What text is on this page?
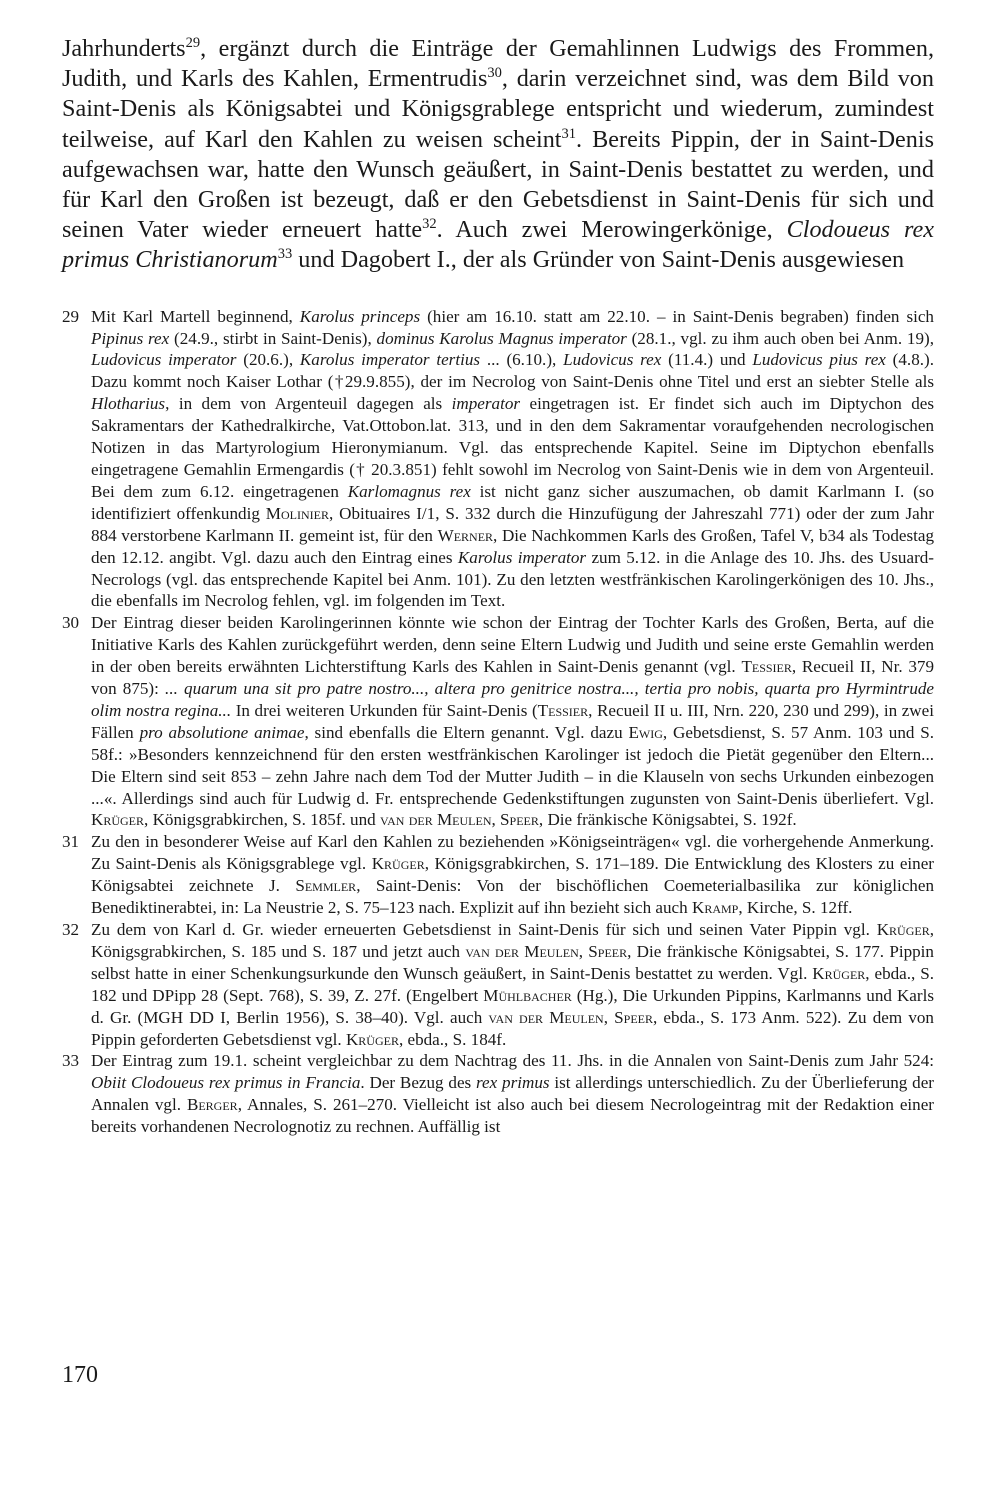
Jahrhunderts$^{29}$, ergänzt durch die Einträge der Gemahlinnen Ludwigs des Frommen, Judith, und Karls des Kahlen, Ermentrudis$^{30}$, darin verzeichnet sind, was dem Bild von Saint-Denis als Königsabtei und Königsgrablege entspricht und wiederum, zumindest teilweise, auf Karl den Kahlen zu weisen scheint$^{31}$. Bereits Pippin, der in Saint-Denis aufgewachsen war, hatte den Wunsch geäußert, in Saint-Denis bestattet zu werden, und für Karl den Großen ist bezeugt, daß er den Gebetsdienst in Saint-Denis für sich und seinen Vater wieder erneuert hatte$^{32}$. Auch zwei Merowingerkönige, Clodoueus rex primus Christianorum$^{33}$ und Dagobert I., der als Gründer von Saint-Denis ausgewiesen

29 Mit Karl Martell beginnend, Karolus princeps (hier am 16.10. statt am 22.10. – in Saint-Denis begraben) finden sich Pipinus rex (24.9., stirbt in Saint-Denis), dominus Karolus Magnus imperator (28.1., vgl. zu ihm auch oben bei Anm. 19), Ludovicus imperator (20.6.), Karolus imperator tertius ... (6.10.), Ludovicus rex (11.4.) und Ludovicus pius rex (4.8.). Dazu kommt noch Kaiser Lothar (†29.9.855), der im Necrolog von Saint-Denis ohne Titel und erst an siebter Stelle als Hlotharius, in dem von Argenteuil dagegen als imperator eingetragen ist. Er findet sich auch im Diptychon des Sakramentars der Kathedralkirche, Vat.Ottobon.lat. 313, und in den dem Sakramentar voraufgehenden necrologischen Notizen in das Martyrologium Hieronymianum. Vgl. das entsprechende Kapitel. Seine im Diptychon ebenfalls eingetragene Gemahlin Ermengardis († 20.3.851) fehlt sowohl im Necrolog von Saint-Denis wie in dem von Argenteuil. Bei dem zum 6.12. eingetragenen Karlomagnus rex ist nicht ganz sicher auszumachen, ob damit Karlmann I. (so identifiziert offenkundig Molinier, Obituaires I/1, S. 332 durch die Hinzufügung der Jahreszahl 771) oder der zum Jahr 884 verstorbene Karlmann II. gemeint ist, für den Werner, Die Nachkommen Karls des Großen, Tafel V, b34 als Todestag den 12.12. angibt. Vgl. dazu auch den Eintrag eines Karolus imperator zum 5.12. in die Anlage des 10. Jhs. des Usuard-Necrologs (vgl. das entsprechende Kapitel bei Anm. 101). Zu den letzten westfränkischen Karolingerkönigen des 10. Jhs., die ebenfalls im Necrolog fehlen, vgl. im folgenden im Text.
30 Der Eintrag dieser beiden Karolingerinnen könnte wie schon der Eintrag der Tochter Karls des Großen, Berta, auf die Initiative Karls des Kahlen zurückgeführt werden, denn seine Eltern Ludwig und Judith und seine erste Gemahlin werden in der oben bereits erwähnten Lichterstiftung Karls des Kahlen in Saint-Denis genannt (vgl. Tessier, Recueil II, Nr. 379 von 875): ... quarum una sit pro patre nostro..., altera pro genitrice nostra..., tertia pro nobis, quarta pro Hyrmintrude olim nostra regina... In drei weiteren Urkunden für Saint-Denis (Tessier, Recueil II u. III, Nrn. 220, 230 und 299), in zwei Fällen pro absolutione animae, sind ebenfalls die Eltern genannt. Vgl. dazu Ewig, Gebetsdienst, S. 57 Anm. 103 und S. 58f.: »Besonders kennzeichnend für den ersten westfränkischen Karolinger ist jedoch die Pietät gegenüber den Eltern... Die Eltern sind seit 853 – zehn Jahre nach dem Tod der Mutter Judith – in die Klauseln von sechs Urkunden einbezogen ...«. Allerdings sind auch für Ludwig d. Fr. entsprechende Gedenkstiftungen zugunsten von Saint-Denis überliefert. Vgl. Krüger, Königsgrabkirchen, S. 185f. und van der Meulen, Speer, Die fränkische Königsabtei, S. 192f.
31 Zu den in besonderer Weise auf Karl den Kahlen zu beziehenden »Königseinträgen« vgl. die vorhergehende Anmerkung. Zu Saint-Denis als Königsgrablege vgl. Krüger, Königsgrabkirchen, S. 171–189. Die Entwicklung des Klosters zu einer Königsabtei zeichnete J. Semmler, Saint-Denis: Von der bischöflichen Coemeterialbasilika zur königlichen Benediktinerabtei, in: La Neustrie 2, S. 75–123 nach. Explizit auf ihn bezieht sich auch Kramp, Kirche, S. 12ff.
32 Zu dem von Karl d. Gr. wieder erneuerten Gebetsdienst in Saint-Denis für sich und seinen Vater Pippin vgl. Krüger, Königsgrabkirchen, S. 185 und S. 187 und jetzt auch van der Meulen, Speer, Die fränkische Königsabtei, S. 177. Pippin selbst hatte in einer Schenkungsurkunde den Wunsch geäußert, in Saint-Denis bestattet zu werden. Vgl. Krüger, ebda., S. 182 und DPipp 28 (Sept. 768), S. 39, Z. 27f. (Engelbert Mühlbacher (Hg.), Die Urkunden Pippins, Karlmanns und Karls d. Gr. (MGH DD I, Berlin 1956), S. 38–40). Vgl. auch van der Meulen, Speer, ebda., S. 173 Anm. 522). Zu dem von Pippin geforderten Gebetsdienst vgl. Krüger, ebda., S. 184f.
33 Der Eintrag zum 19.1. scheint vergleichbar zu dem Nachtrag des 11. Jhs. in die Annalen von Saint-Denis zum Jahr 524: Obiit Clodoueus rex primus in Francia. Der Bezug des rex primus ist allerdings unterschiedlich. Zu der Überlieferung der Annalen vgl. Berger, Annales, S. 261–270. Vielleicht ist also auch bei diesem Necrologeintrag mit der Redaktion einer bereits vorhandenen Necrolognotiz zu rechnen. Auffällig ist
170
